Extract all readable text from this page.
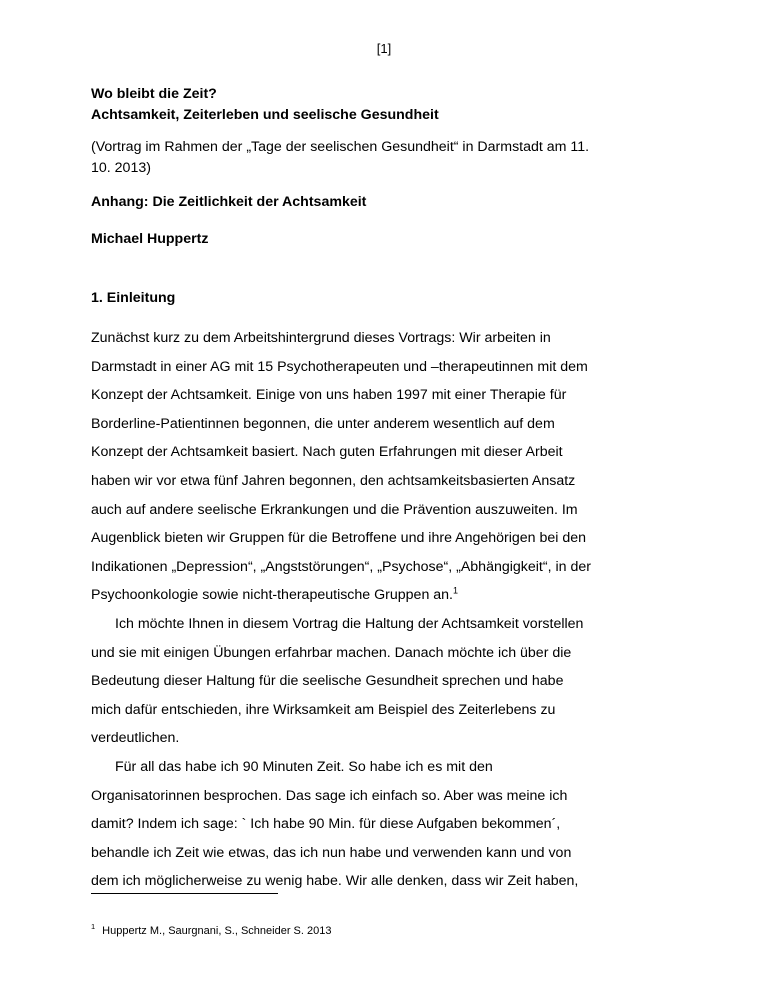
[1]

Wo bleibt die Zeit?

Achtsamkeit, Zeiterleben und seelische Gesundheit

(Vortrag im Rahmen der „Tage der seelischen Gesundheit“ in Darmstadt am 11. 10. 2013)
Anhang: Die Zeitlichkeit der Achtsamkeit
Michael Huppertz
1. Einleitung

Zunächst kurz zu dem Arbeitshintergrund dieses Vortrags: Wir arbeiten in Darmstadt in einer AG mit 15 Psychotherapeuten und –therapeutinnen mit dem Konzept der Achtsamkeit. Einige von uns haben 1997 mit einer Therapie für Borderline-Patientinnen begonnen, die unter anderem wesentlich auf dem Konzept der Achtsamkeit basiert. Nach guten Erfahrungen mit dieser Arbeit haben wir vor etwa fünf Jahren begonnen, den achtsamkeitsbasierten Ansatz auch auf andere seelische Erkrankungen und die Prävention auszuweiten. Im Augenblick bieten wir Gruppen für die Betroffene und ihre Angehörigen bei den Indikationen „Depression“, „Angststörungen“, „Psychose“, „Abhängigkeit“, in der Psychoonkologie sowie nicht-therapeutische Gruppen an.$^1$

Ich möchte Ihnen in diesem Vortrag die Haltung der Achtsamkeit vorstellen und sie mit einigen Übungen erfahrbar machen. Danach möchte ich über die Bedeutung dieser Haltung für die seelische Gesundheit sprechen und habe mich dafür entschieden, ihre Wirksamkeit am Beispiel des Zeiterlebens zu verdeutlichen.

Für all das habe ich 90 Minuten Zeit. So habe ich es mit den Organisatorinnen besprochen. Das sage ich einfach so. Aber was meine ich damit? Indem ich sage: ` Ich habe 90 Min. für diese Aufgaben bekommen´, behandle ich Zeit wie etwas, das ich nun habe und verwenden kann und von dem ich möglicherweise zu wenig habe. Wir alle denken, dass wir Zeit haben,

$^1$ Huppertz M., Saurgnani, S., Schneider S. 2013
